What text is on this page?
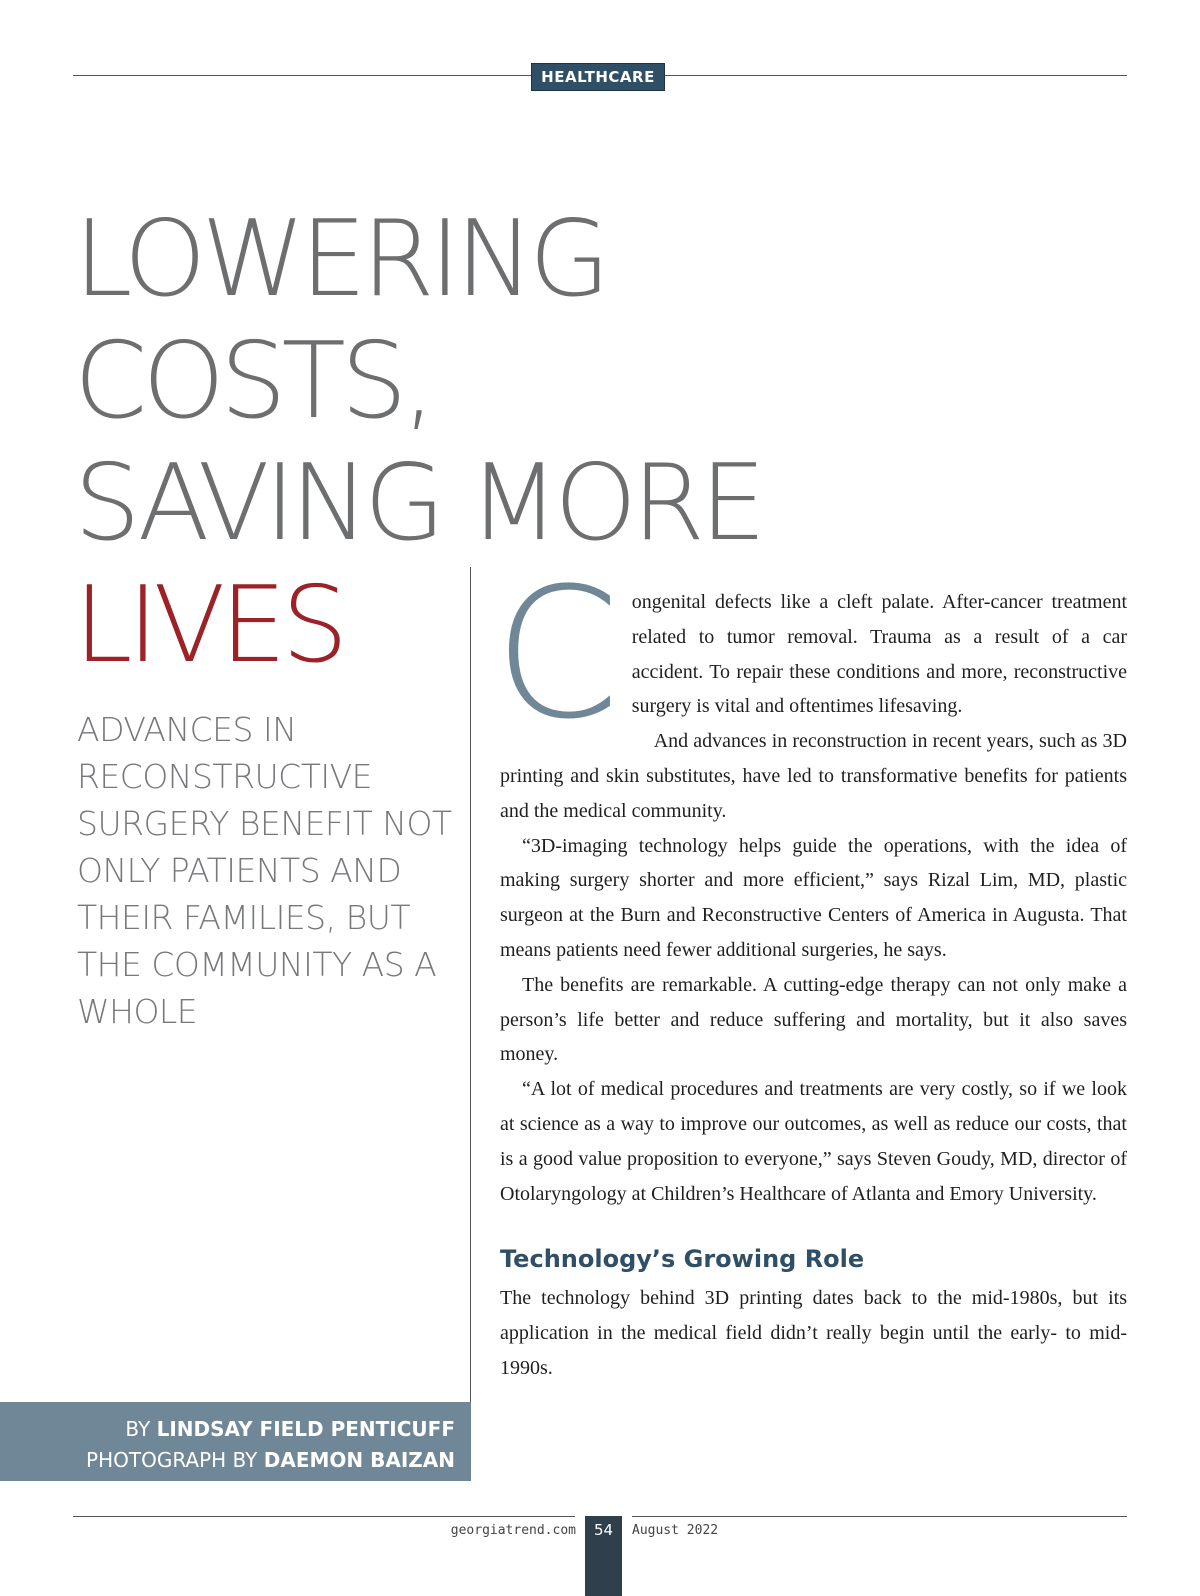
HEALTHCARE
LOWERING
COSTS,
SAVING MORE
LIVES

ADVANCES IN RECONSTRUCTIVE SURGERY BENEFIT NOT ONLY PATIENTS AND THEIR FAMILIES, BUT THE COMMUNITY AS A WHOLE

BY LINDSAY FIELD PENTICUFF
PHOTOGRAPH BY DAEMON BAIZAN

Congenital defects like a cleft palate. After-cancer treatment related to tumor removal. Trauma as a result of a car accident. To repair these conditions and more, reconstructive surgery is vital and oftentimes lifesaving.

And advances in reconstruction in recent years, such as 3D printing and skin substitutes, have led to transformative benefits for patients and the medical community.

“3D-imaging technology helps guide the operations, with the idea of making surgery shorter and more efficient,” says Rizal Lim, MD, plastic surgeon at the Burn and Reconstructive Centers of America in Augusta. That means patients need fewer additional surgeries, he says.

The benefits are remarkable. A cutting-edge therapy can not only make a person’s life better and reduce suffering and mortality, but it also saves money.

“A lot of medical procedures and treatments are very costly, so if we look at science as a way to improve our outcomes, as well as reduce our costs, that is a good value proposition to everyone,” says Steven Goudy, MD, director of Otolaryngology at Children’s Healthcare of Atlanta and Emory University.

Technology’s Growing Role

The technology behind 3D printing dates back to the mid-1980s, but its application in the medical field didn’t really begin until the early- to mid-1990s.

georgiatrend.com	54	August 2022
